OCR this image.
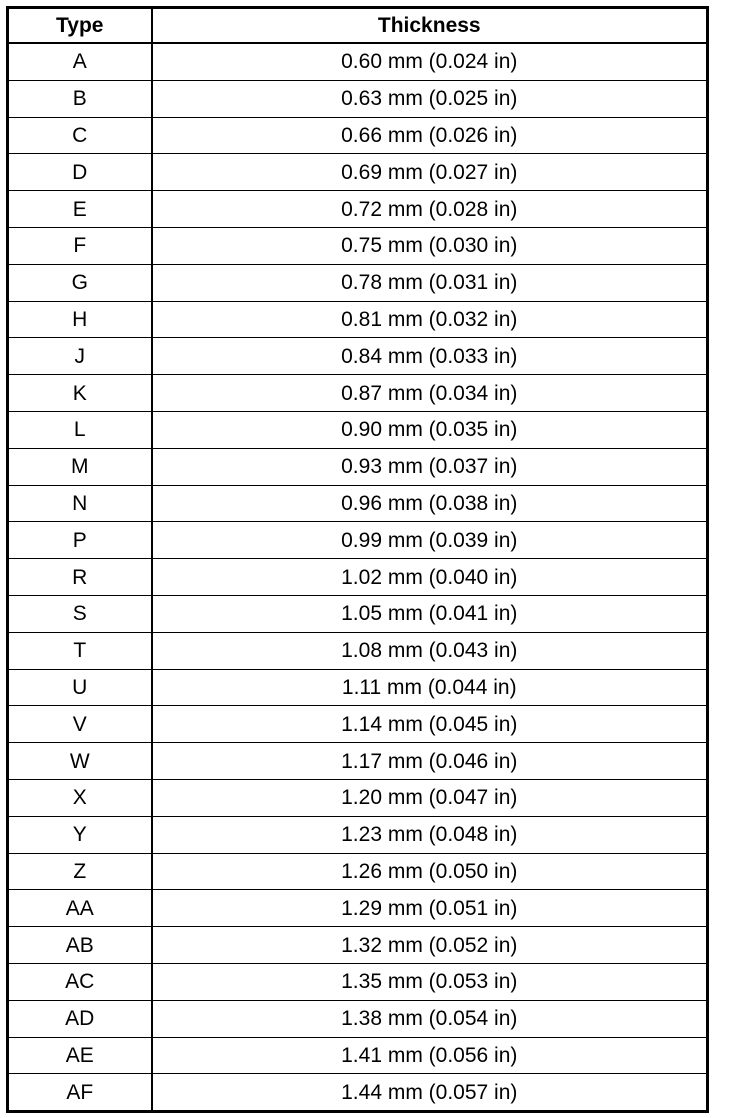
Type	Thickness
A	0.60 mm (0.024 in)
B	0.63 mm (0.025 in)
C	0.66 mm (0.026 in)
D	0.69 mm (0.027 in)
E	0.72 mm (0.028 in)
F	0.75 mm (0.030 in)
G	0.78 mm (0.031 in)
H	0.81 mm (0.032 in)
J	0.84 mm (0.033 in)
K	0.87 mm (0.034 in)
L	0.90 mm (0.035 in)
M	0.93 mm (0.037 in)
N	0.96 mm (0.038 in)
P	0.99 mm (0.039 in)
R	1.02 mm (0.040 in)
S	1.05 mm (0.041 in)
T	1.08 mm (0.043 in)
U	1.11 mm (0.044 in)
V	1.14 mm (0.045 in)
W	1.17 mm (0.046 in)
X	1.20 mm (0.047 in)
Y	1.23 mm (0.048 in)
Z	1.26 mm (0.050 in)
AA	1.29 mm (0.051 in)
AB	1.32 mm (0.052 in)
AC	1.35 mm (0.053 in)
AD	1.38 mm (0.054 in)
AE	1.41 mm (0.056 in)
AF	1.44 mm (0.057 in)
